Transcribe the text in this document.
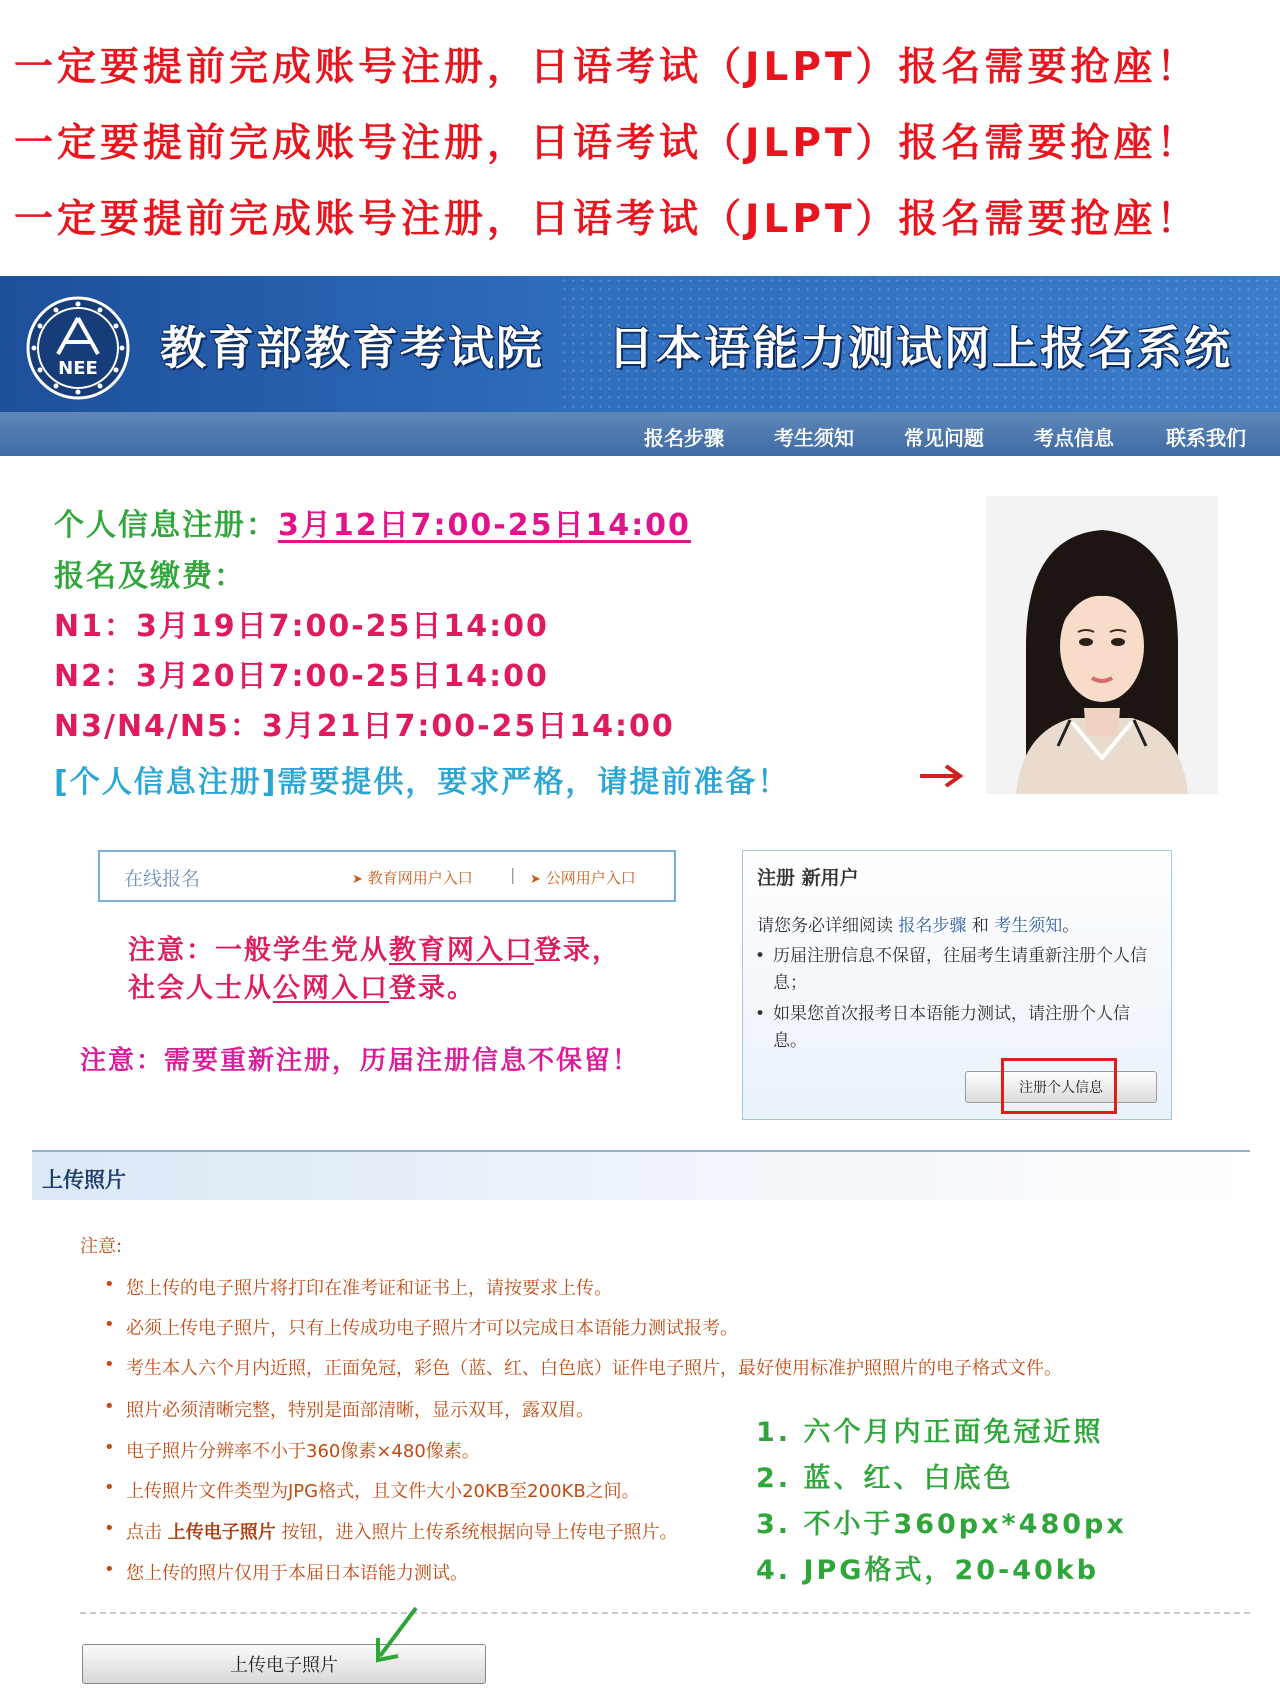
一定要提前完成账号注册，日语考试（JLPT）报名需要抢座！
一定要提前完成账号注册，日语考试（JLPT）报名需要抢座！
一定要提前完成账号注册，日语考试（JLPT）报名需要抢座！
NEE 教育部教育考试院 日本语能力测试网上报名系统
报名步骤	考生须知	常见问题	考点信息	联系我们
个人信息注册：3月12日7:00-25日14:00
报名及缴费：
N1：3月19日7:00-25日14:00
N2：3月20日7:00-25日14:00
N3/N4/N5：3月21日7:00-25日14:00
[个人信息注册]需要提供，要求严格，请提前准备！
在线报名	➤ 教育网用户入口 | ➤ 公网用户入口
注意：一般学生党从教育网入口登录，
社会人士从公网入口登录。
注意：需要重新注册，历届注册信息不保留！
注册 新用户
请您务必详细阅读 报名步骤 和 考生须知。
• 历届注册信息不保留，往届考生请重新注册个人信息；
• 如果您首次报考日本语能力测试，请注册个人信息。
注册个人信息
上传照片
注意:
• 您上传的电子照片将打印在准考证和证书上，请按要求上传。
• 必须上传电子照片，只有上传成功电子照片才可以完成日本语能力测试报考。
• 考生本人六个月内近照，正面免冠，彩色（蓝、红、白色底）证件电子照片，最好使用标准护照照片的电子格式文件。
• 照片必须清晰完整，特别是面部清晰，显示双耳，露双眉。
• 电子照片分辨率不小于360像素×480像素。
• 上传照片文件类型为JPG格式，且文件大小20KB至200KB之间。
• 点击 上传电子照片 按钮，进入照片上传系统根据向导上传电子照片。
• 您上传的照片仅用于本届日本语能力测试。
1. 六个月内正面免冠近照
2. 蓝、红、白底色
3. 不小于360px*480px
4. JPG格式，20-40kb
上传电子照片
